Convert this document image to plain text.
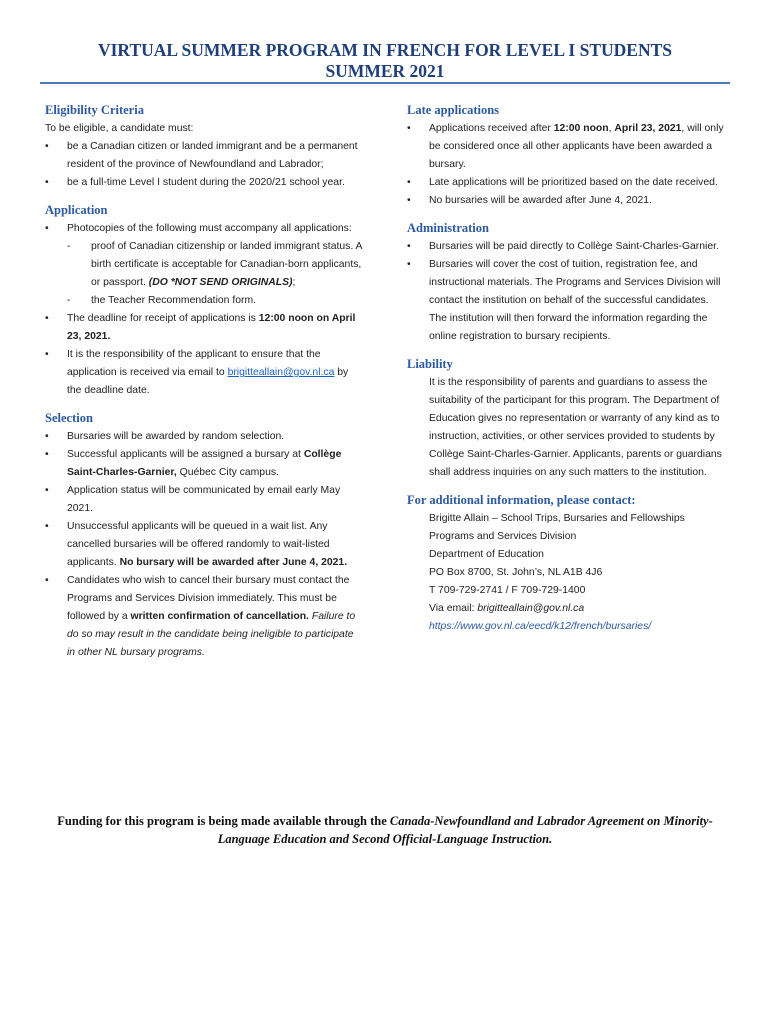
VIRTUAL SUMMER PROGRAM IN FRENCH FOR LEVEL I STUDENTS
SUMMER 2021
Eligibility Criteria

To be eligible, a candidate must:

• be a Canadian citizen or landed immigrant and be a permanent resident of the province of Newfoundland and Labrador;
• be a full-time Level I student during the 2020/21 school year.
Application
• Photocopies of the following must accompany all applications:
- proof of Canadian citizenship or landed immigrant status. A birth certificate is acceptable for Canadian-born applicants, or passport. (DO *NOT SEND ORIGINALS);
- the Teacher Recommendation form.
• The deadline for receipt of applications is 12:00 noon on April 23, 2021.
• It is the responsibility of the applicant to ensure that the application is received via email to brigitteallain@gov.nl.ca by the deadline date.
Selection
• Bursaries will be awarded by random selection.
• Successful applicants will be assigned a bursary at Collège Saint-Charles-Garnier, Québec City campus.
• Application status will be communicated by email early May 2021.
• Unsuccessful applicants will be queued in a wait list. Any cancelled bursaries will be offered randomly to wait-listed applicants. No bursary will be awarded after June 4, 2021.
• Candidates who wish to cancel their bursary must contact the Programs and Services Division immediately. This must be followed by a written confirmation of cancellation. Failure to do so may result in the candidate being ineligible to participate in other NL bursary programs.
Late applications
• Applications received after 12:00 noon, April 23, 2021, will only be considered once all other applicants have been awarded a bursary.
• Late applications will be prioritized based on the date received.
• No bursaries will be awarded after June 4, 2021.
Administration
• Bursaries will be paid directly to Collège Saint-Charles-Garnier.
• Bursaries will cover the cost of tuition, registration fee, and instructional materials. The Programs and Services Division will contact the institution on behalf of the successful candidates. The institution will then forward the information regarding the online registration to bursary recipients.
Liability

It is the responsibility of parents and guardians to assess the suitability of the participant for this program. The Department of Education gives no representation or warranty of any kind as to instruction, activities, or other services provided to students by Collège Saint-Charles-Garnier. Applicants, parents or guardians shall address inquiries on any such matters to the institution.

For additional information, please contact:
Brigitte Allain – School Trips, Bursaries and Fellowships
Programs and Services Division
Department of Education
PO Box 8700, St. John’s, NL A1B 4J6
T 709-729-2741 / F 709-729-1400
Via email: brigitteallain@gov.nl.ca
https://www.gov.nl.ca/eecd/k12/french/bursaries/
Funding for this program is being made available through the Canada-Newfoundland and Labrador Agreement on Minority-Language Education and Second Official-Language Instruction.
